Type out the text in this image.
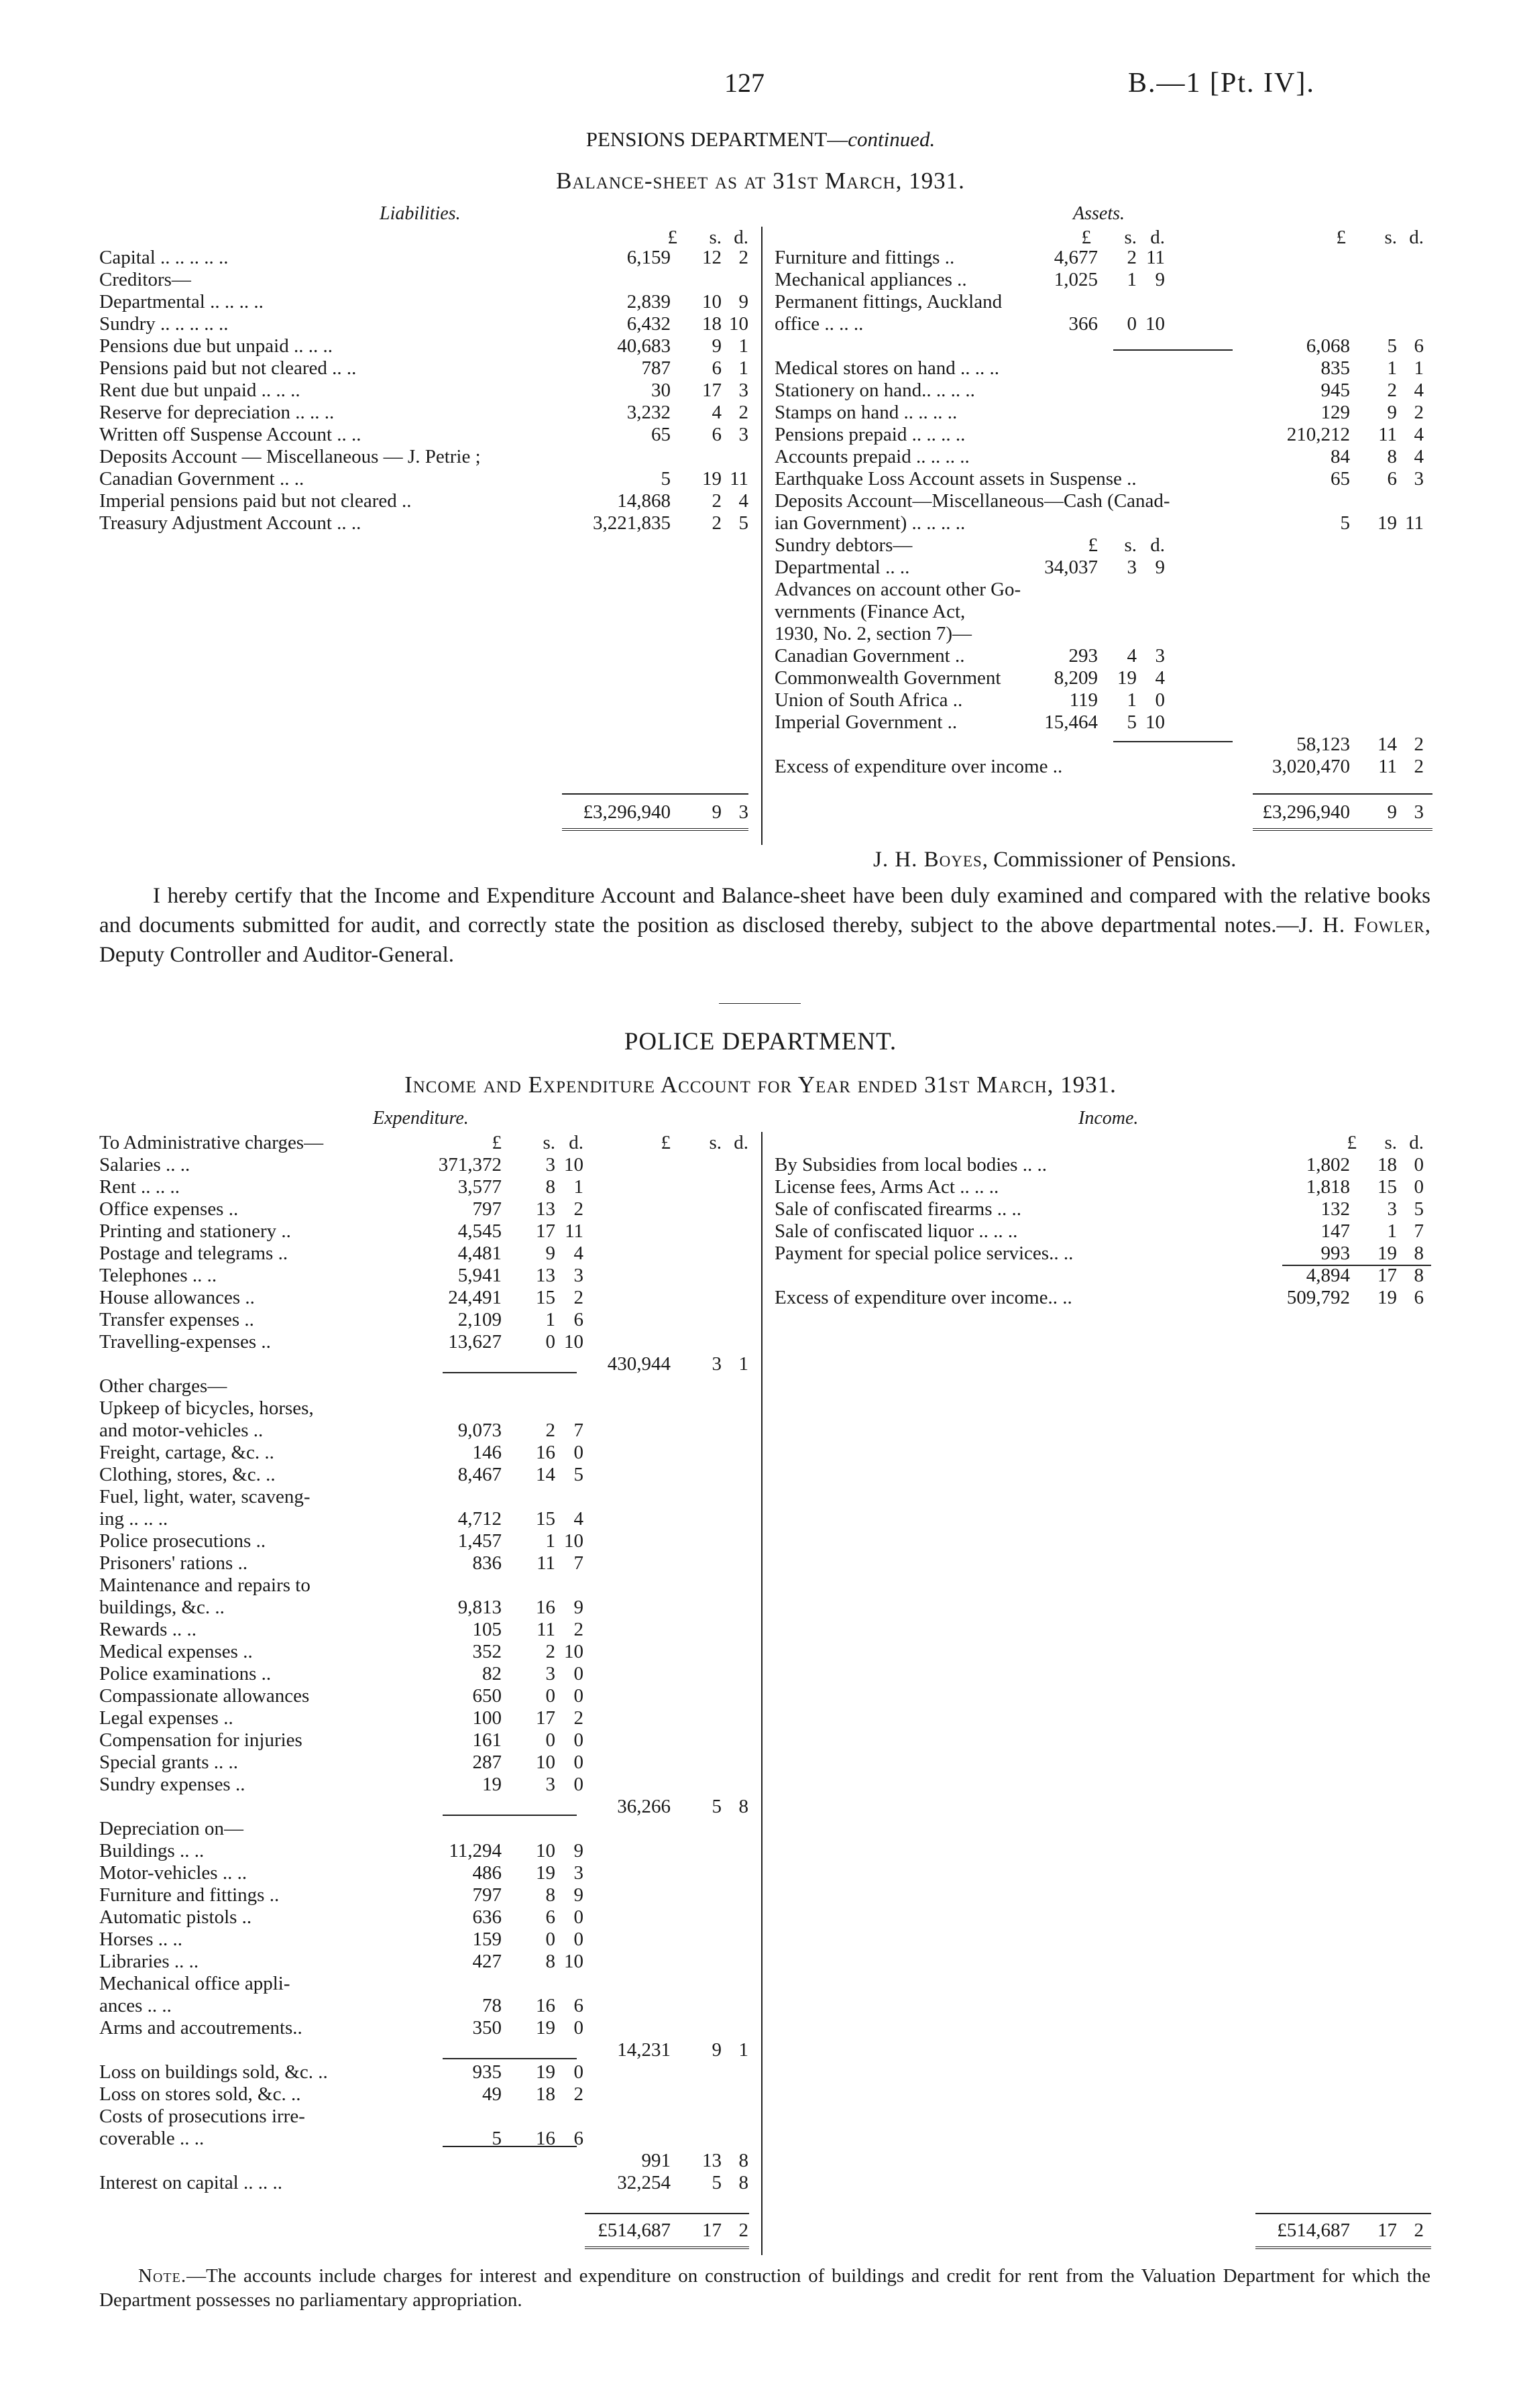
127	B.—1 [Pt. IV].
PENSIONS DEPARTMENT—continued.
Balance-sheet as at 31st March, 1931.
Liabilities.	Assets.
£ s. d.
Capital .. .. .. .. ..	6,159 12 2
Creditors—
Departmental .. .. .. ..	2,839 10 9
Sundry .. .. .. .. ..	6,432 18 10
Pensions due but unpaid .. .. ..	40,683 9 1
Pensions paid but not cleared .. ..	787 6 1
Rent due but unpaid .. .. ..	30 17 3
Reserve for depreciation .. .. ..	3,232 4 2
Written off Suspense Account .. ..	65 6 3
Deposits Account — Miscellaneous — J. Petrie ;
Canadian Government .. ..	5 19 11
Imperial pensions paid but not cleared ..	14,868 2 4
Treasury Adjustment Account .. ..	3,221,835 2 5
£3,296,940 9 3
£ s. d.	£ s. d.
Furniture and fittings ..	4,677 2 11
Mechanical appliances ..	1,025 1 9
Permanent fittings, Auckland
office .. .. ..	366 0 10
6,068 5 6
Medical stores on hand .. .. ..	835 1 1
Stationery on hand.. .. .. ..	945 2 4
Stamps on hand .. .. .. ..	129 9 2
Pensions prepaid .. .. .. ..	210,212 11 4
Accounts prepaid .. .. .. ..	84 8 4
Earthquake Loss Account assets in Suspense ..	65 6 3
Deposits Account—Miscellaneous—Cash (Canad-
ian Government) .. .. .. ..	5 19 11
Sundry debtors—	£ s. d.
Departmental .. ..	34,037 3 9
Advances on account other Go-
vernments (Finance Act,
1930, No. 2, section 7)—
Canadian Government ..	293 4 3
Commonwealth Government	8,209 19 4
Union of South Africa ..	119 1 0
Imperial Government ..	15,464 5 10
58,123 14 2
Excess of expenditure over income ..	3,020,470 11 2
£3,296,940 9 3
J. H. Boyes, Commissioner of Pensions.
I hereby certify that the Income and Expenditure Account and Balance-sheet have been duly examined and compared with the relative books and documents submitted for audit, and correctly state the position as disclosed thereby, subject to the above departmental notes.—J. H. Fowler, Deputy Controller and Auditor-General.
POLICE DEPARTMENT.
Income and Expenditure Account for Year ended 31st March, 1931.
Expenditure.	Income.
To Administrative charges—	£ s. d.	£ s. d.
Salaries .. ..	371,372 3 10
Rent .. .. ..	3,577 8 1
Office expenses ..	797 13 2
Printing and stationery ..	4,545 17 11
Postage and telegrams ..	4,481 9 4
Telephones .. ..	5,941 13 3
House allowances ..	24,491 15 2
Transfer expenses ..	2,109 1 6
Travelling-expenses ..	13,627 0 10
430,944 3 1
Other charges—
Upkeep of bicycles, horses,
and motor-vehicles ..	9,073 2 7
Freight, cartage, &c. ..	146 16 0
Clothing, stores, &c. ..	8,467 14 5
Fuel, light, water, scaveng-
ing .. .. ..	4,712 15 4
Police prosecutions ..	1,457 1 10
Prisoners' rations ..	836 11 7
Maintenance and repairs to
buildings, &c. ..	9,813 16 9
Rewards .. ..	105 11 2
Medical expenses ..	352 2 10
Police examinations ..	82 3 0
Compassionate allowances	650 0 0
Legal expenses ..	100 17 2
Compensation for injuries	161 0 0
Special grants .. ..	287 10 0
Sundry expenses ..	19 3 0
36,266 5 8
Depreciation on—
Buildings .. ..	11,294 10 9
Motor-vehicles .. ..	486 19 3
Furniture and fittings ..	797 8 9
Automatic pistols ..	636 6 0
Horses .. ..	159 0 0
Libraries .. ..	427 8 10
Mechanical office appli-
ances .. ..	78 16 6
Arms and accoutrements..	350 19 0
14,231 9 1
Loss on buildings sold, &c. ..	935 19 0
Loss on stores sold, &c. ..	49 18 2
Costs of prosecutions irre-
coverable .. ..	5 16 6
991 13 8
Interest on capital .. .. ..	32,254 5 8
£514,687 17 2
£ s. d.
By Subsidies from local bodies .. ..	1,802 18 0
License fees, Arms Act .. .. ..	1,818 15 0
Sale of confiscated firearms .. ..	132 3 5
Sale of confiscated liquor .. .. ..	147 1 7
Payment for special police services.. ..	993 19 8
4,894 17 8
Excess of expenditure over income.. ..	509,792 19 6
£514,687 17 2
Note.—The accounts include charges for interest and expenditure on construction of buildings and credit for rent from the Valuation Department for which the Department possesses no parliamentary appropriation.
